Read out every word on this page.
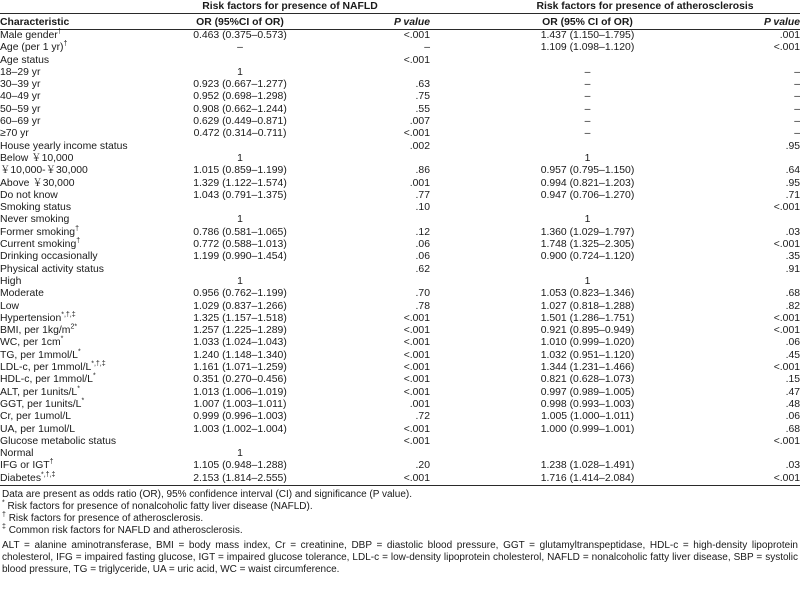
	Risk factors for presence of NAFLD			Risk factors for presence of atherosclerosis	
Characteristic	OR (95%CI of OR)	P value		OR (95% CI of OR)	P value
Male gender†	0.463 (0.375–0.573)	<.001		1.437 (1.150–1.795)	.001
Age (per 1 yr)†	–	–		1.109 (1.098–1.120)	<.001
Age status		<.001			
18–29 yr	1			–	–
30–39 yr	0.923 (0.667–1.277)	.63		–	–
40–49 yr	0.952 (0.698–1.298)	.75		–	–
50–59 yr	0.908 (0.662–1.244)	.55		–	–
60–69 yr	0.629 (0.449–0.871)	.007		–	–
≥70 yr	0.472 (0.314–0.711)	<.001		–	–
House yearly income status		.002			.95
Below ￥10,000	1			1	
￥10,000-￥30,000	1.015 (0.859–1.199)	.86		0.957 (0.795–1.150)	.64
Above ￥30,000	1.329 (1.122–1.574)	.001		0.994 (0.821–1.203)	.95
Do not know	1.043 (0.791–1.375)	.77		0.947 (0.706–1.270)	.71
Smoking status		.10			<.001
Never smoking	1			1	
Former smoking†	0.786 (0.581–1.065)	.12		1.360 (1.029–1.797)	.03
Current smoking†	0.772 (0.588–1.013)	.06		1.748 (1.325–2.305)	<.001
Drinking occasionally	1.199 (0.990–1.454)	.06		0.900 (0.724–1.120)	.35
Physical activity status		.62			.91
High	1			1	
Moderate	0.956 (0.762–1.199)	.70		1.053 (0.823–1.346)	.68
Low	1.029 (0.837–1.266)	.78		1.027 (0.818–1.288)	.82
Hypertension*,†,‡	1.325 (1.157–1.518)	<.001		1.501 (1.286–1.751)	<.001
BMI, per $1kg/m^{2*}$	1.257 (1.225–1.289)	<.001		0.921 (0.895–0.949)	<.001
WC, per 1cm*	1.033 (1.024–1.043)	<.001		1.010 (0.999–1.020)	.06
TG, per 1mmol/L*	1.240 (1.148–1.340)	<.001		1.032 (0.951–1.120)	.45
LDL-c, per 1mmol/L*,†,‡	1.161 (1.071–1.259)	<.001		1.344 (1.231–1.466)	<.001
HDL-c, per 1mmol/L*	0.351 (0.270–0.456)	<.001		0.821 (0.628–1.073)	.15
ALT, per 1units/L*	1.013 (1.006–1.019)	<.001		0.997 (0.989–1.005)	.47
GGT, per 1units/L*	1.007 (1.003–1.011)	.001		0.998 (0.993–1.003)	.48
Cr, per 1umol/L	0.999 (0.996–1.003)	.72		1.005 (1.000–1.011)	.06
UA, per 1umol/L	1.003 (1.002–1.004)	<.001		1.000 (0.999–1.001)	.68
Glucose metabolic status		<.001			<.001
Normal	1				
IFG or IGT†	1.105 (0.948–1.288)	.20		1.238 (1.028–1.491)	.03
Diabetes*,†,‡	2.153 (1.814–2.555)	<.001		1.716 (1.414–2.084)	<.001

Data are present as odds ratio (OR), 95% confidence interval (CI) and significance (P value).

* Risk factors for presence of nonalcoholic fatty liver disease (NAFLD).

† Risk factors for presence of atherosclerosis.

‡ Common risk factors for NAFLD and atherosclerosis.

ALT = alanine aminotransferase, BMI = body mass index, Cr = creatinine, DBP = diastolic blood pressure, GGT = glutamyltranspeptidase, HDL-c = high-density lipoprotein cholesterol, IFG = impaired fasting glucose, IGT = impaired glucose tolerance, LDL-c = low-density lipoprotein cholesterol, NAFLD = nonalcoholic fatty liver disease, SBP = systolic blood pressure, TG = triglyceride, UA = uric acid, WC = waist circumference.
